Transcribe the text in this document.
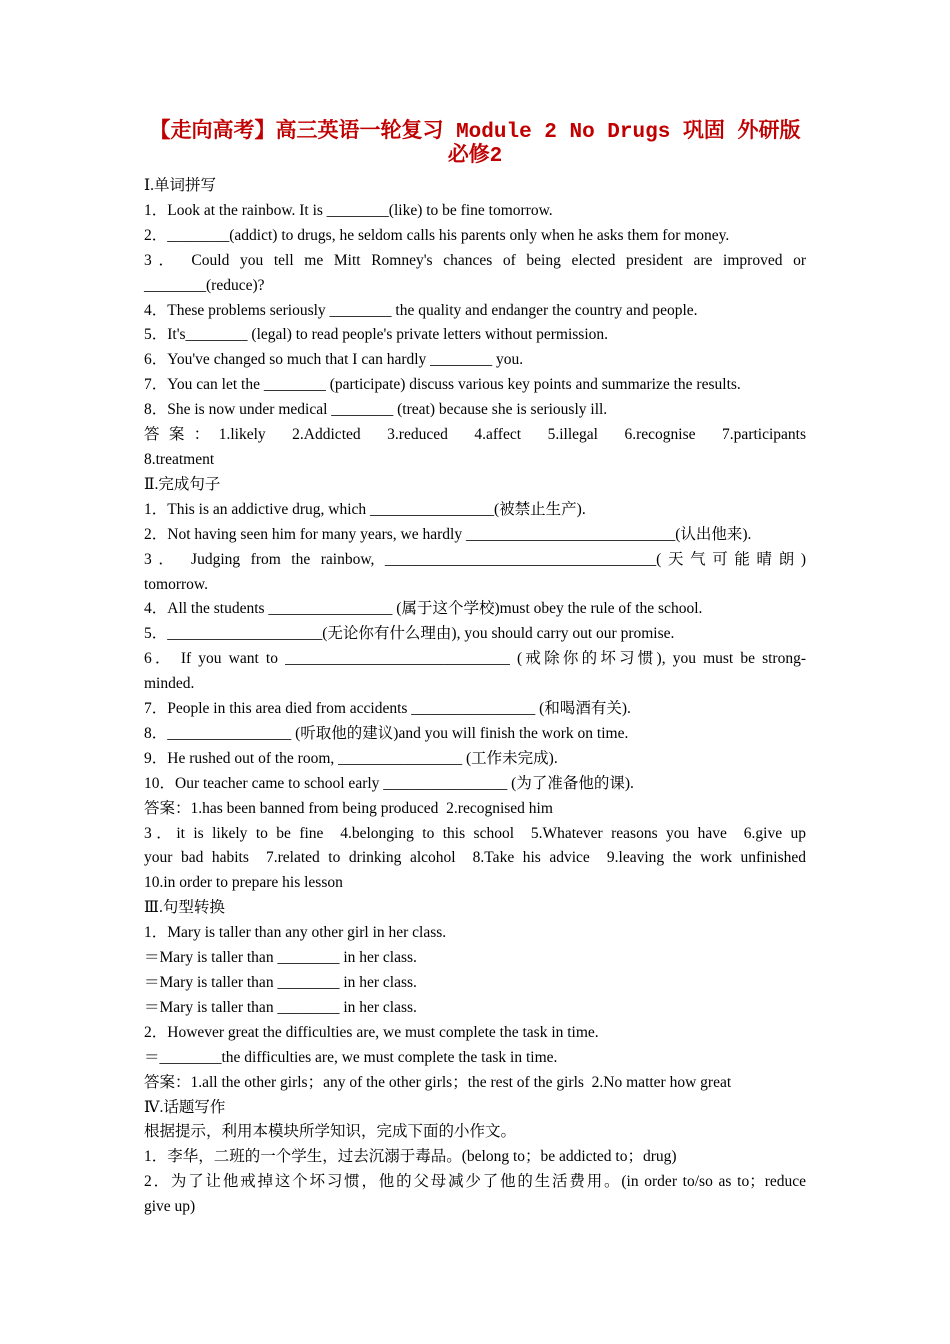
【走向高考】高三英语一轮复习 Module 2 No Drugs 巩固 外研版
必修2
Ⅰ.单词拼写
1．Look at the rainbow. It is ________(like) to be fine tomorrow.
2．________(addict) to drugs, he seldom calls his parents only when he asks them for money.
3． Could you tell me Mitt Romney's chances of being elected president are improved or
________(reduce)?
4．These problems seriously ________ the quality and endanger the country and people.
5．It's________ (legal) to read people's private letters without permission.
6．You've changed so much that I can hardly ________ you.
7．You can let the ________ (participate) discuss various key points and summarize the results.
8．She is now under medical ________ (treat) because she is seriously ill.
答案：1.likely  2.Addicted  3.reduced  4.affect  5.illegal  6.recognise  7.participants
8.treatment
Ⅱ.完成句子
1．This is an addictive drug, which ________________(被禁止生产).
2．Not having seen him for many years, we hardly ___________________________(认出他来).
3． Judging from the rainbow, ___________________________________(天气可能晴朗)
tomorrow.
4．All the students ________________ (属于这个学校)must obey the rule of the school.
5．____________________(无论你有什么理由), you should carry out our promise.
6． If you want to _____________________________ (戒除你的坏习惯), you must be strong-
minded.
7．People in this area died from accidents ________________ (和喝酒有关).
8．________________ (听取他的建议)and you will finish the work on time.
9．He rushed out of the room, ________________ (工作未完成).
10．Our teacher came to school early ________________ (为了准备他的课).
答案：1.has been banned from being produced  2.recognised him
3．it is likely to be fine  4.belonging to this school  5.Whatever reasons you have  6.give up
your bad habits  7.related to drinking alcohol  8.Take his advice  9.leaving the work unfinished
10.in order to prepare his lesson
Ⅲ.句型转换
1．Mary is taller than any other girl in her class.
＝Mary is taller than ________ in her class.
＝Mary is taller than ________ in her class.
＝Mary is taller than ________ in her class.
2．However great the difficulties are, we must complete the task in time.
＝________the difficulties are, we must complete the task in time.
答案：1.all the other girls；any of the other girls；the rest of the girls  2.No matter how great
Ⅳ.话题写作
根据提示，利用本模块所学知识，完成下面的小作文。
1．李华，二班的一个学生，过去沉溺于毒品。(belong to；be addicted to；drug)
2．为了让他戒掉这个坏习惯，他的父母减少了他的生活费用。(in order to/so as to；reduce
give up)
